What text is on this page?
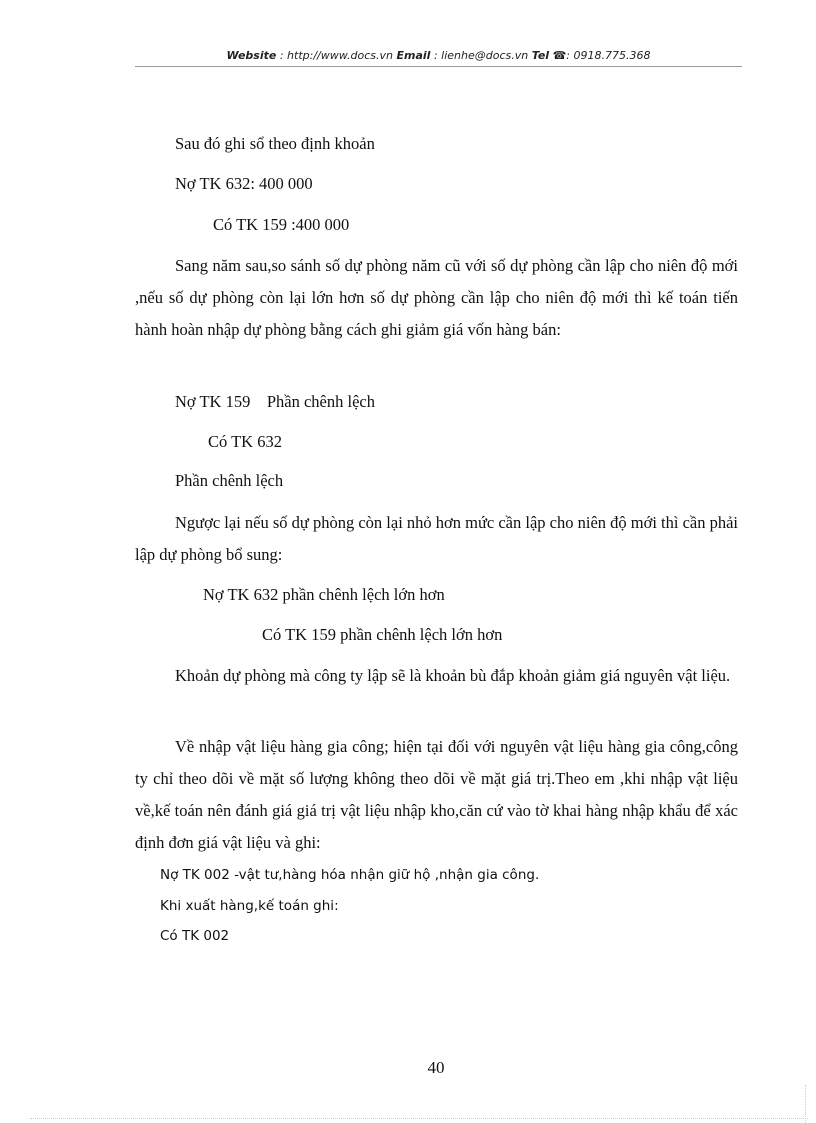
Website : http://www.docs.vn Email : lienhe@docs.vn Tel ☎: 0918.775.368
Sau đó ghi sổ theo định khoản
Nợ TK 632: 400 000
Có TK 159 :400 000
Sang năm sau,so sánh số dự phòng năm cũ với số dự phòng cần lập cho niên độ mới ,nếu số dự phòng còn lại lớn hơn số dự phòng cần lập cho niên độ mới thì kế toán tiến hành hoàn nhập dự phòng bằng cách ghi giảm giá vốn hàng bán:
Nợ TK 159    Phần chênh lệch
Có TK 632
Phần chênh lệch
Ngược lại nếu số dự phòng còn lại nhỏ hơn mức cần lập cho niên độ mới thì cần phải lập dự phòng bổ sung:
Nợ TK 632 phần chênh lệch lớn hơn
Có TK 159 phần chênh lệch lớn hơn
Khoản dự phòng mà công ty lập sẽ là khoản bù đắp khoản giảm giá nguyên vật liệu.
Về nhập vật liệu hàng gia công; hiện tại đối với nguyên vật liệu hàng gia công,công ty chỉ theo dõi về mặt số lượng không theo dõi về mặt giá trị.Theo em ,khi nhập vật liệu về,kế toán nên đánh giá giá trị vật liệu nhập kho,căn cứ vào tờ khai hàng nhập khẩu để xác định đơn giá vật liệu và ghi:
Nợ TK 002 -vật tư,hàng hóa nhận giữ hộ ,nhận gia công.
Khi xuất hàng,kế toán ghi:
Có TK 002
40
